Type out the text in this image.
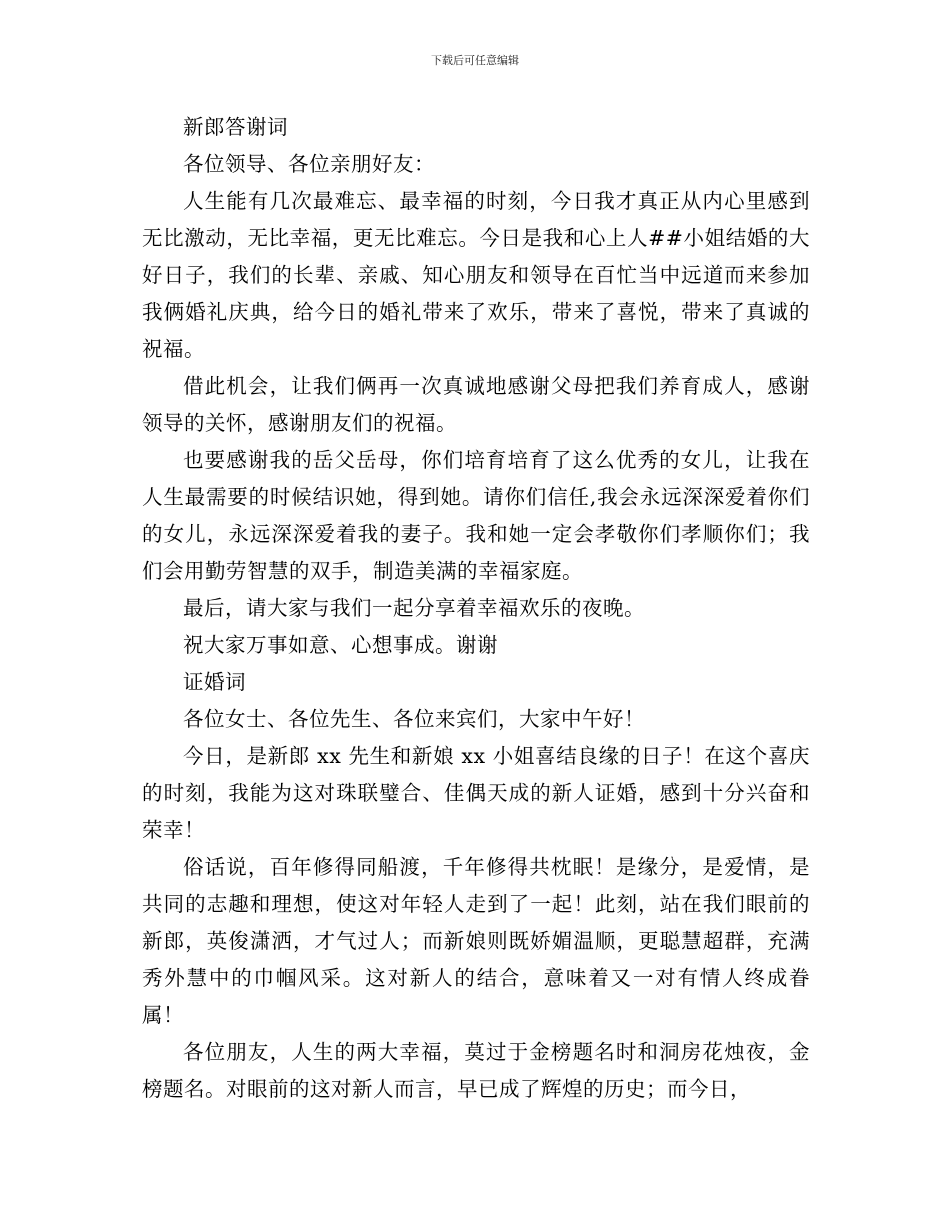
下载后可任意编辑

新郎答谢词

各位领导、各位亲朋好友：

人生能有几次最难忘、最幸福的时刻，今日我才真正从内心里感到无比激动，无比幸福，更无比难忘。今日是我和心上人##小姐结婚的大好日子，我们的长辈、亲戚、知心朋友和领导在百忙当中远道而来参加我俩婚礼庆典，给今日的婚礼带来了欢乐，带来了喜悦，带来了真诚的祝福。

借此机会，让我们俩再一次真诚地感谢父母把我们养育成人，感谢领导的关怀，感谢朋友们的祝福。

也要感谢我的岳父岳母，你们培育培育了这么优秀的女儿，让我在人生最需要的时候结识她，得到她。请你们信任,我会永远深深爱着你们的女儿，永远深深爱着我的妻子。我和她一定会孝敬你们孝顺你们；我们会用勤劳智慧的双手，制造美满的幸福家庭。

最后，请大家与我们一起分享着幸福欢乐的夜晚。

祝大家万事如意、心想事成。谢谢

证婚词

各位女士、各位先生、各位来宾们，大家中午好！

今日，是新郎 xx 先生和新娘 xx 小姐喜结良缘的日子！在这个喜庆的时刻，我能为这对珠联璧合、佳偶天成的新人证婚，感到十分兴奋和荣幸！

俗话说，百年修得同船渡，千年修得共枕眠！是缘分，是爱情，是共同的志趣和理想，使这对年轻人走到了一起！此刻，站在我们眼前的新郎，英俊潇洒，才气过人；而新娘则既娇媚温顺，更聪慧超群，充满秀外慧中的巾帼风采。这对新人的结合，意味着又一对有情人终成眷属！

各位朋友，人生的两大幸福，莫过于金榜题名时和洞房花烛夜，金榜题名。对眼前的这对新人而言，早已成了辉煌的历史；而今日，
